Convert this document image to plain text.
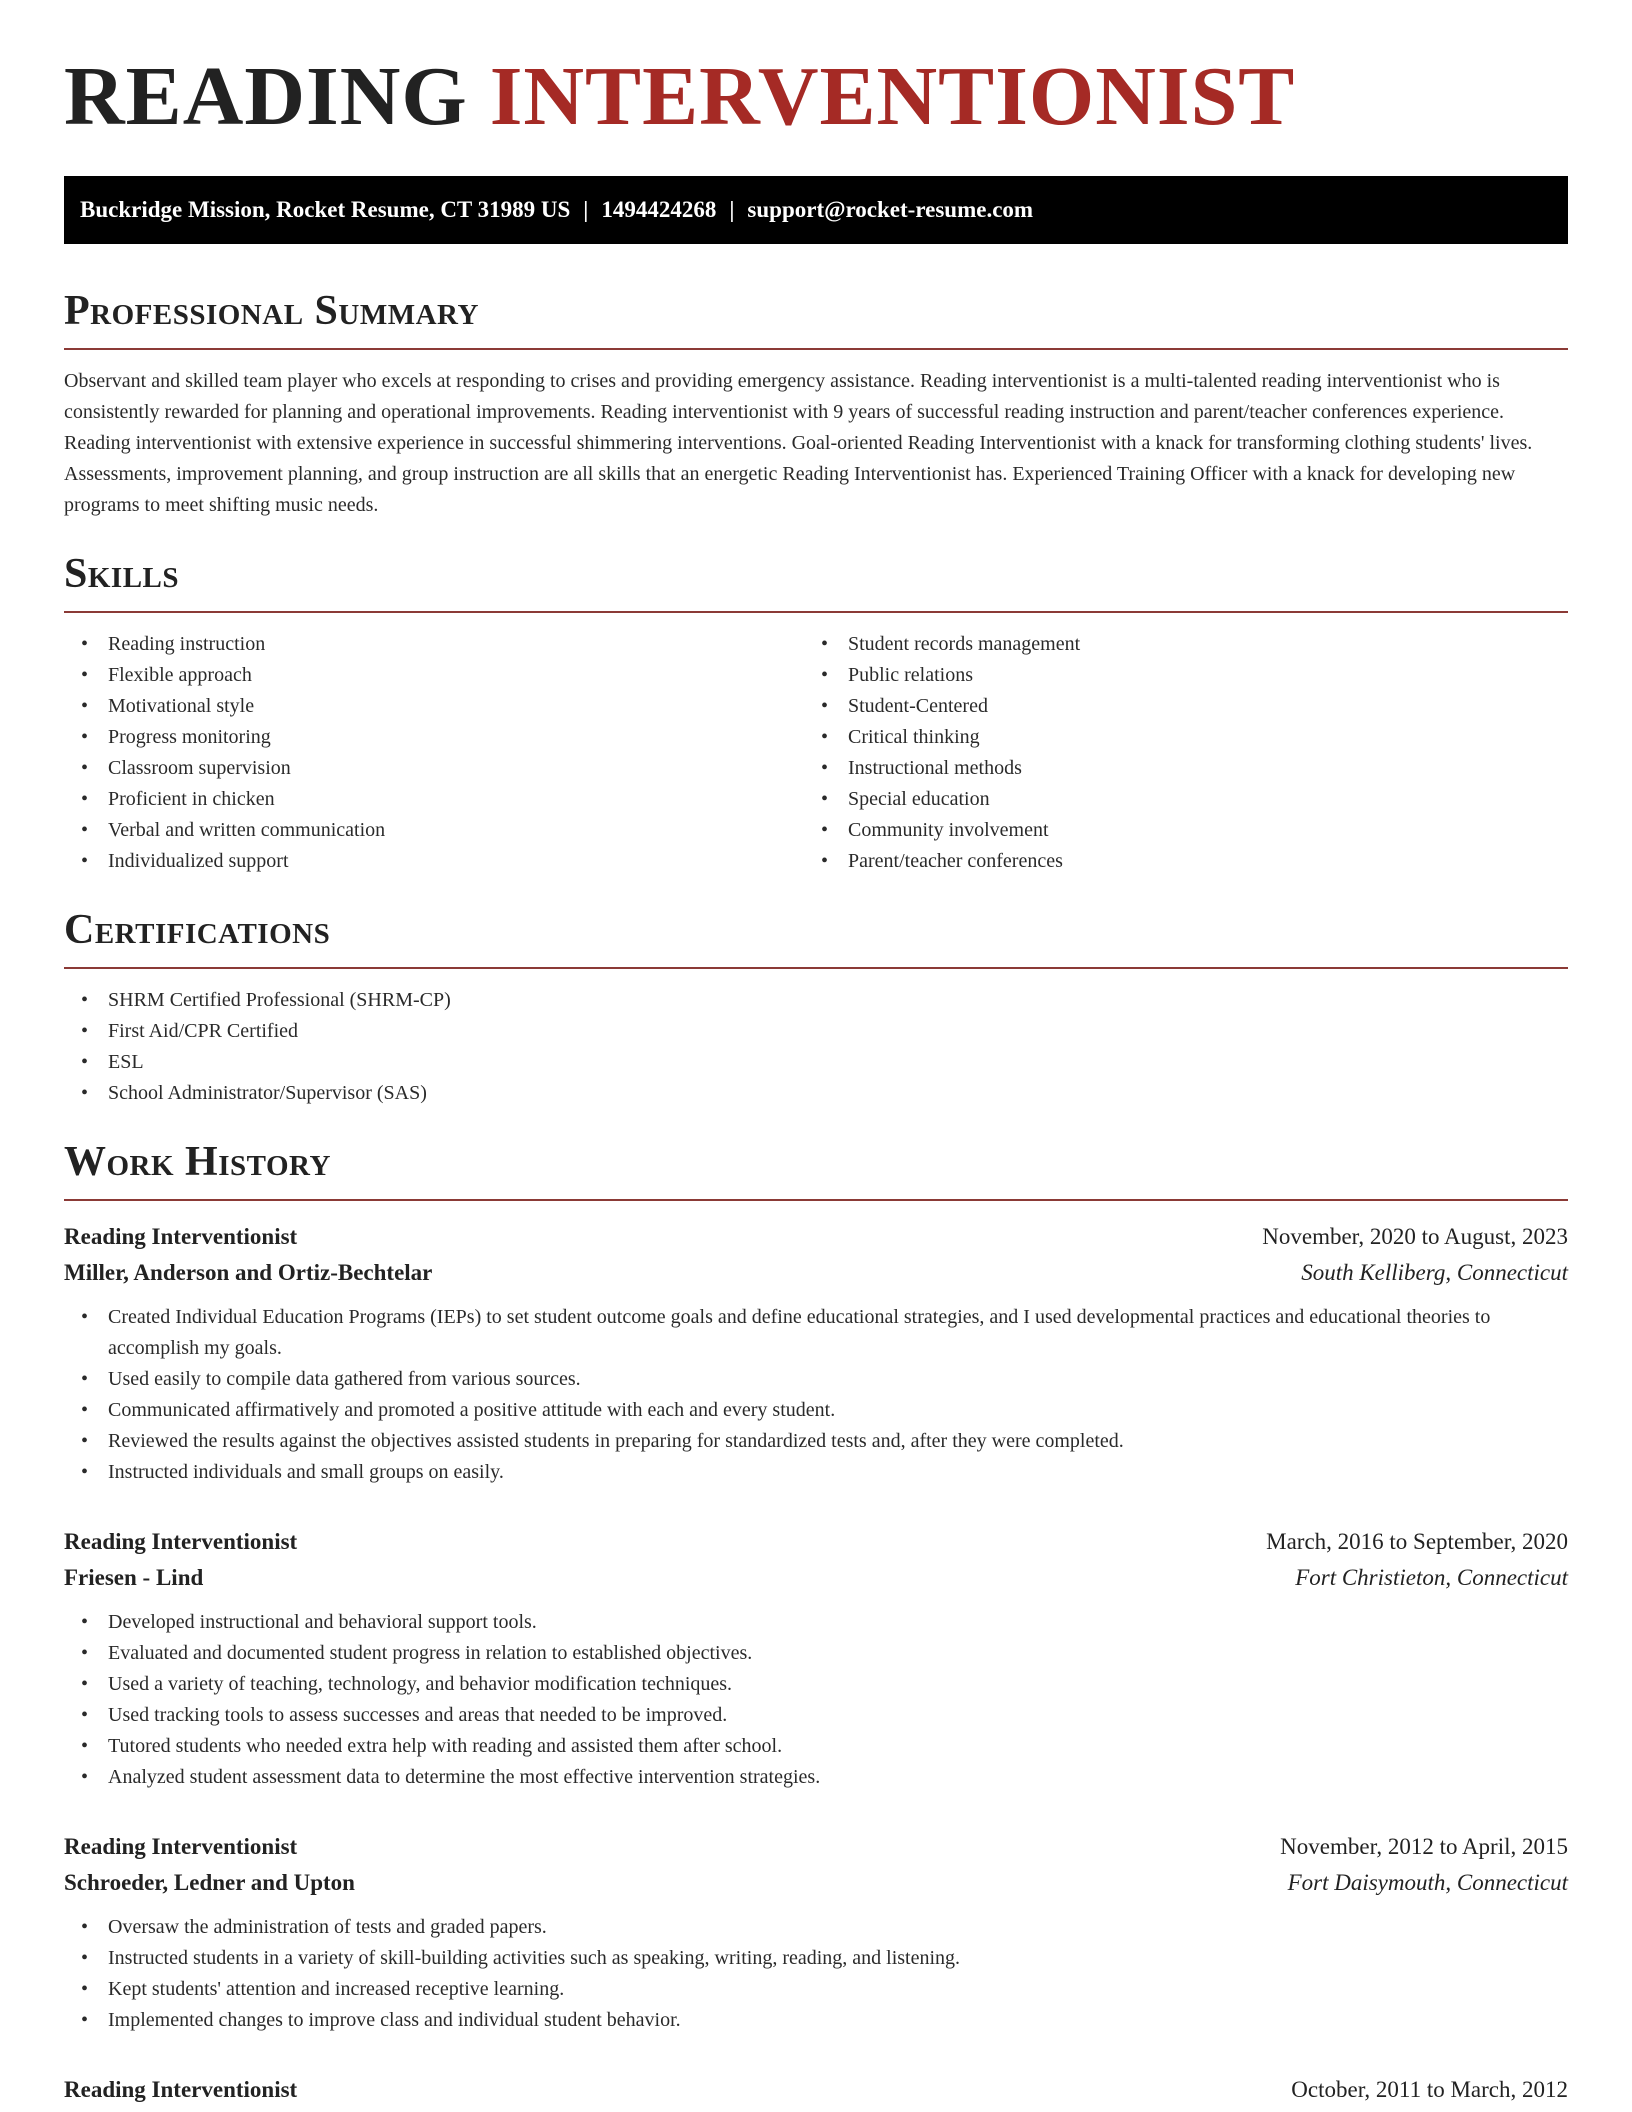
READING INTERVENTIONIST
Buckridge Mission, Rocket Resume, CT 31989 US | 1494424268 | support@rocket-resume.com
Professional Summary

Observant and skilled team player who excels at responding to crises and providing emergency assistance. Reading interventionist is a multi-talented reading interventionist who is consistently rewarded for planning and operational improvements. Reading interventionist with 9 years of successful reading instruction and parent/teacher conferences experience. Reading interventionist with extensive experience in successful shimmering interventions. Goal-oriented Reading Interventionist with a knack for transforming clothing students' lives. Assessments, improvement planning, and group instruction are all skills that an energetic Reading Interventionist has. Experienced Training Officer with a knack for developing new programs to meet shifting music needs.

Skills
• Reading instruction
• Flexible approach
• Motivational style
• Progress monitoring
• Classroom supervision
• Proficient in chicken
• Verbal and written communication
• Individualized support
• Student records management
• Public relations
• Student-Centered
• Critical thinking
• Instructional methods
• Special education
• Community involvement
• Parent/teacher conferences
Certifications
• SHRM Certified Professional (SHRM-CP)
• First Aid/CPR Certified
• ESL
• School Administrator/Supervisor (SAS)
Work History
Reading Interventionist	November, 2020 to August, 2023
Miller, Anderson and Ortiz-Bechtelar	South Kelliberg, Connecticut
• Created Individual Education Programs (IEPs) to set student outcome goals and define educational strategies, and I used developmental practices and educational theories to accomplish my goals.
• Used easily to compile data gathered from various sources.
• Communicated affirmatively and promoted a positive attitude with each and every student.
• Reviewed the results against the objectives assisted students in preparing for standardized tests and, after they were completed.
• Instructed individuals and small groups on easily.
Reading Interventionist	March, 2016 to September, 2020
Friesen - Lind	Fort Christieton, Connecticut
• Developed instructional and behavioral support tools.
• Evaluated and documented student progress in relation to established objectives.
• Used a variety of teaching, technology, and behavior modification techniques.
• Used tracking tools to assess successes and areas that needed to be improved.
• Tutored students who needed extra help with reading and assisted them after school.
• Analyzed student assessment data to determine the most effective intervention strategies.
Reading Interventionist	November, 2012 to April, 2015
Schroeder, Ledner and Upton	Fort Daisymouth, Connecticut
• Oversaw the administration of tests and graded papers.
• Instructed students in a variety of skill-building activities such as speaking, writing, reading, and listening.
• Kept students' attention and increased receptive learning.
• Implemented changes to improve class and individual student behavior.
Reading Interventionist	October, 2011 to March, 2012
